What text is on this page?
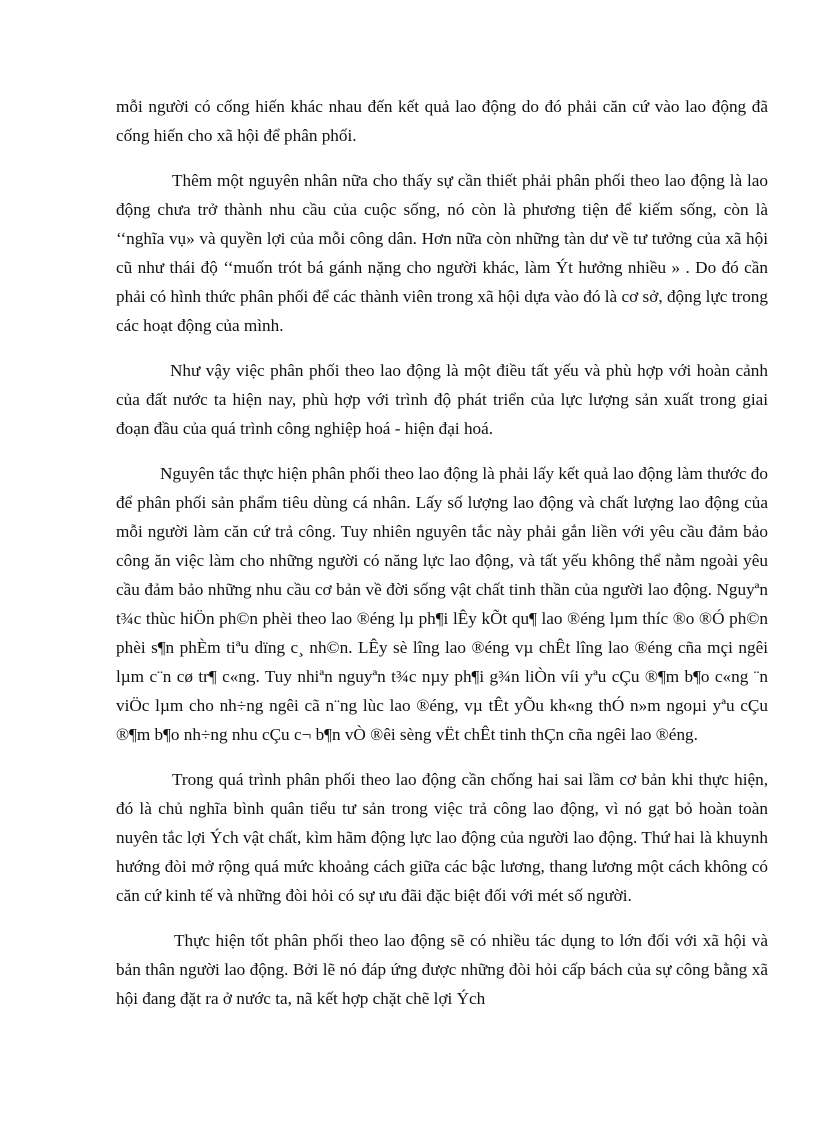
mỗi người có cống hiến khác nhau đến kết quả lao động do đó phải căn cứ vào lao động đã cống hiến cho xã hội để phân phối.

Thêm một nguyên nhân nữa cho thấy sự cần thiết phải phân phối theo lao động là lao động chưa trở thành nhu cầu của cuộc sống, nó còn là phương tiện để kiếm sống, còn là ‘‘nghĩa vụ» và quyền lợi của mỗi công dân. Hơn nữa còn những tàn dư về tư tưởng của xã hội cũ như thái độ ‘‘muốn trót bá gánh nặng cho người khác, làm Ýt hưởng nhiều » . Do đó cần phải có hình thức phân phối để các thành viên trong xã hội dựa vào đó là cơ sở, động lực trong các hoạt động của mình.

Như vậy việc phân phối theo lao động là một điều tất yếu và phù hợp với hoàn cảnh của đất nước ta hiện nay, phù hợp với trình độ phát triển của lực lượng sản xuất trong giai đoạn đầu của quá trình công nghiệp hoá - hiện đại hoá.

Nguyên tắc thực hiện phân phối theo lao động là phải lấy kết quả lao động làm thước đo để phân phối sản phẩm tiêu dùng cá nhân. Lấy số lượng lao động và chất lượng lao động của mỗi người làm căn cứ trả công. Tuy nhiên nguyên tắc này phải gắn liền với yêu cầu đảm bảo công ăn việc làm cho những người có năng lực lao động, và tất yếu không thể nằm ngoài yêu cầu đảm bảo những nhu cầu cơ bản về đời sống vật chất tinh thần của người lao động. Nguyªn t¾c thùc hiÖn ph©n phèi theo lao ®éng lµ ph¶i lÊy kÕt qu¶ lao ®éng lµm thíc ®o ®Ó ph©n phèi s¶n phÈm tiªu dïng c¸ nh©n. LÊy sè lîng lao ®éng vµ chÊt lîng lao ®éng cña mçi ngêi lµm c¨n cø tr¶ c«ng. Tuy nhiªn nguyªn t¾c nµy ph¶i g¾n liÒn víi yªu cÇu ®¶m b¶o c«ng ¨n viÖc lµm cho nh÷ng ngêi cã n¨ng lùc lao ®éng, vµ tÊt yÕu kh«ng thÓ n»m ngoµi yªu cÇu ®¶m b¶o nh÷ng nhu cÇu c¬ b¶n vÒ ®êi sèng vËt chÊt tinh thÇn cña ngêi lao ®éng.

Trong quá trình phân phối theo lao động cần chống hai sai lầm cơ bản khi thực hiện, đó là chủ nghĩa bình quân tiểu tư sản trong việc trả công lao động, vì nó gạt bỏ hoàn toàn nuyên tắc lợi Ých vật chất, kìm hãm động lực lao động của người lao động. Thứ hai là khuynh hướng đòi mở rộng quá mức khoảng cách giữa các bậc lương, thang lương một cách không có căn cứ kinh tế và những đòi hỏi có sự ưu đãi đặc biệt đối với mét số người.

Thực hiện tốt phân phối theo lao động sẽ có nhiều tác dụng to lớn đối với xã hội và bản thân người lao động. Bởi lẽ nó đáp ứng được những đòi hỏi cấp bách của sự công bằng xã hội đang đặt ra ở nước ta, nã kết hợp chặt chẽ lợi Ých
